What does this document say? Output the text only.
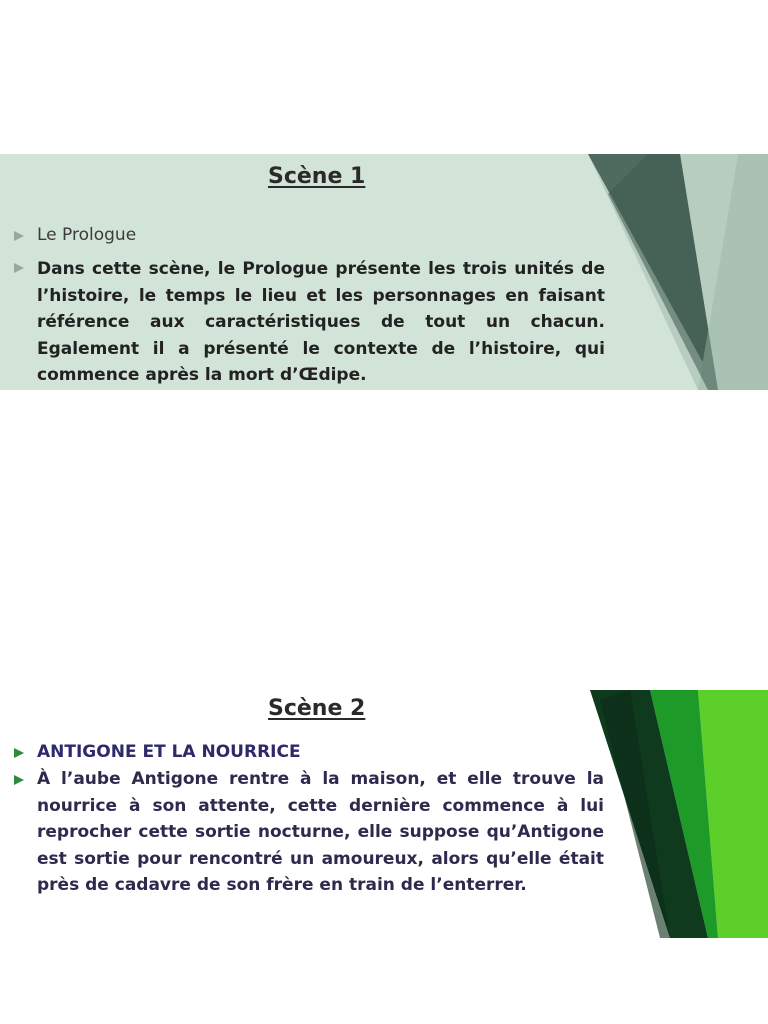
Scène 1
Le Prologue
Dans cette scène, le Prologue présente les trois unités de l’histoire, le temps le lieu et les personnages en faisant référence aux caractéristiques de tout un chacun. Egalement il a présenté le contexte de l’histoire, qui commence après la mort d’Œdipe.
Scène 2
ANTIGONE ET LA NOURRICE
À l’aube Antigone rentre à la maison, et elle trouve la nourrice à son attente, cette dernière commence à lui reprocher cette sortie nocturne, elle suppose qu’Antigone est sortie pour rencontré un amoureux, alors qu’elle était près de cadavre de son frère en train de l’enterrer.
